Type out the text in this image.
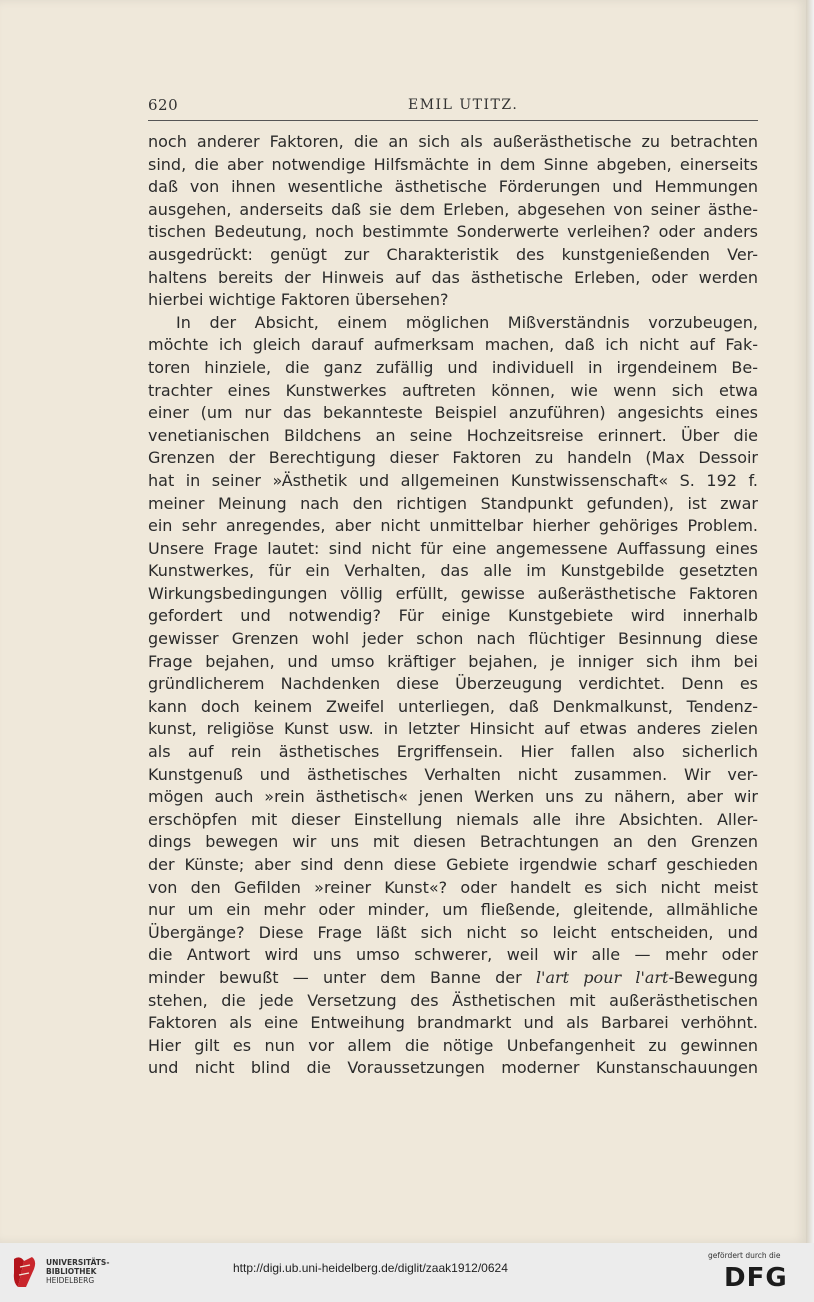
620	EMIL UTITZ.
noch anderer Faktoren, die an sich als außerästhetische zu betrachten
sind, die aber notwendige Hilfsmächte in dem Sinne abgeben, einerseits
daß von ihnen wesentliche ästhetische Förderungen und Hemmungen
ausgehen, anderseits daß sie dem Erleben, abgesehen von seiner ästhe-
tischen Bedeutung, noch bestimmte Sonderwerte verleihen? oder anders
ausgedrückt: genügt zur Charakteristik des kunstgenießenden Ver-
haltens bereits der Hinweis auf das ästhetische Erleben, oder werden
hierbei wichtige Faktoren übersehen?
In der Absicht, einem möglichen Mißverständnis vorzubeugen,
möchte ich gleich darauf aufmerksam machen, daß ich nicht auf Fak-
toren hinziele, die ganz zufällig und individuell in irgendeinem Be-
trachter eines Kunstwerkes auftreten können, wie wenn sich etwa
einer (um nur das bekannteste Beispiel anzuführen) angesichts eines
venetianischen Bildchens an seine Hochzeitsreise erinnert. Über die
Grenzen der Berechtigung dieser Faktoren zu handeln (Max Dessoir
hat in seiner »Ästhetik und allgemeinen Kunstwissenschaft« S. 192 f.
meiner Meinung nach den richtigen Standpunkt gefunden), ist zwar
ein sehr anregendes, aber nicht unmittelbar hierher gehöriges Problem.
Unsere Frage lautet: sind nicht für eine angemessene Auffassung eines
Kunstwerkes, für ein Verhalten, das alle im Kunstgebilde gesetzten
Wirkungsbedingungen völlig erfüllt, gewisse außerästhetische Faktoren
gefordert und notwendig? Für einige Kunstgebiete wird innerhalb
gewisser Grenzen wohl jeder schon nach flüchtiger Besinnung diese
Frage bejahen, und umso kräftiger bejahen, je inniger sich ihm bei
gründlicherem Nachdenken diese Überzeugung verdichtet. Denn es
kann doch keinem Zweifel unterliegen, daß Denkmalkunst, Tendenz-
kunst, religiöse Kunst usw. in letzter Hinsicht auf etwas anderes zielen
als auf rein ästhetisches Ergriffensein. Hier fallen also sicherlich
Kunstgenuß und ästhetisches Verhalten nicht zusammen. Wir ver-
mögen auch »rein ästhetisch« jenen Werken uns zu nähern, aber wir
erschöpfen mit dieser Einstellung niemals alle ihre Absichten. Aller-
dings bewegen wir uns mit diesen Betrachtungen an den Grenzen
der Künste; aber sind denn diese Gebiete irgendwie scharf geschieden
von den Gefilden »reiner Kunst«? oder handelt es sich nicht meist
nur um ein mehr oder minder, um fließende, gleitende, allmähliche
Übergänge? Diese Frage läßt sich nicht so leicht entscheiden, und
die Antwort wird uns umso schwerer, weil wir alle — mehr oder
minder bewußt — unter dem Banne der l'art pour l'art-Bewegung
stehen, die jede Versetzung des Ästhetischen mit außerästhetischen
Faktoren als eine Entweihung brandmarkt und als Barbarei verhöhnt.
Hier gilt es nun vor allem die nötige Unbefangenheit zu gewinnen
und nicht blind die Voraussetzungen moderner Kunstanschauungen
UNIVERSITÄTS-
BIBLIOTHEK
HEIDELBERG
http://digi.ub.uni-heidelberg.de/diglit/zaak1912/0624
gefördert durch die
DFG
